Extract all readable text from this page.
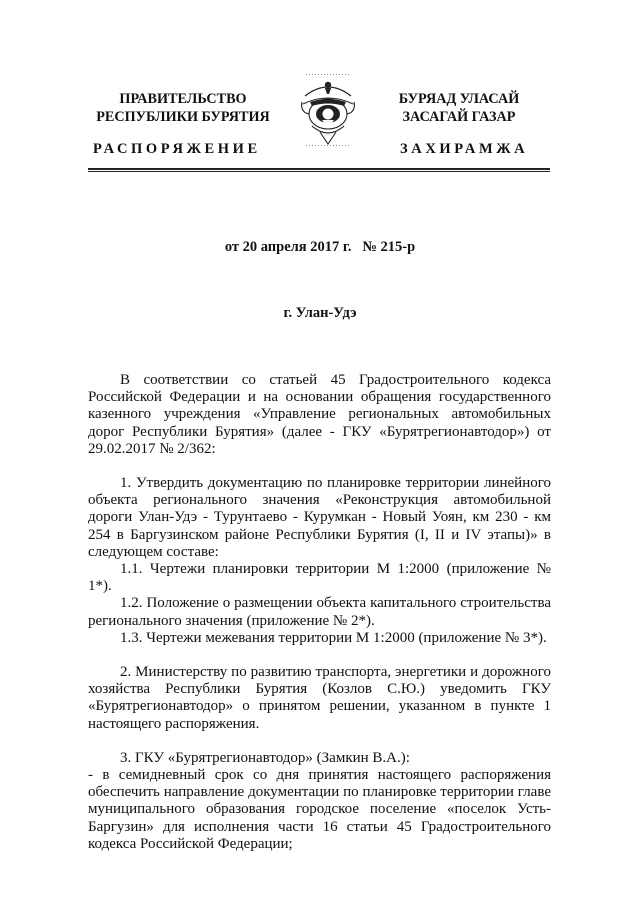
ПРАВИТЕЛЬСТВО
РЕСПУБЛИКИ БУРЯТИЯ
БУРЯАД УЛАСАЙ
ЗАСАГАЙ ГАЗАР
РАСПОРЯЖЕНИЕ	ЗАХИРАМЖА
от 20 апреля 2017 г. № 215-р
г. Улан-Удэ

В соответствии со статьей 45 Градостроительного кодекса Российской Федерации и на основании обращения государственного казенного учреждения «Управление региональных автомобильных дорог Республики Бурятия» (далее - ГКУ «Бурятрегионавтодор») от 29.02.2017 № 2/362:

1. Утвердить документацию по планировке территории линейного объекта регионального значения «Реконструкция автомобильной дороги Улан-Удэ - Турунтаево - Курумкан - Новый Уоян, км 230 - км 254 в Баргузинском районе Республики Бурятия (I, II и IV этапы)» в следующем составе:

1.1. Чертежи планировки территории М 1:2000 (приложение № 1*).

1.2. Положение о размещении объекта капитального строительства регионального значения (приложение № 2*).

1.3. Чертежи межевания территории М 1:2000 (приложение № 3*).

2. Министерству по развитию транспорта, энергетики и дорожного хозяйства Республики Бурятия (Козлов С.Ю.) уведомить ГКУ «Бурятрегионавтодор» о принятом решении, указанном в пункте 1 настоящего распоряжения.

3. ГКУ «Бурятрегионавтодор» (Замкин В.А.):

- в семидневный срок со дня принятия настоящего распоряжения обеспечить направление документации по планировке территории главе муниципального образования городское поселение «поселок Усть-Баргузин» для исполнения части 16 статьи 45 Градостроительного кодекса Российской Федерации;
